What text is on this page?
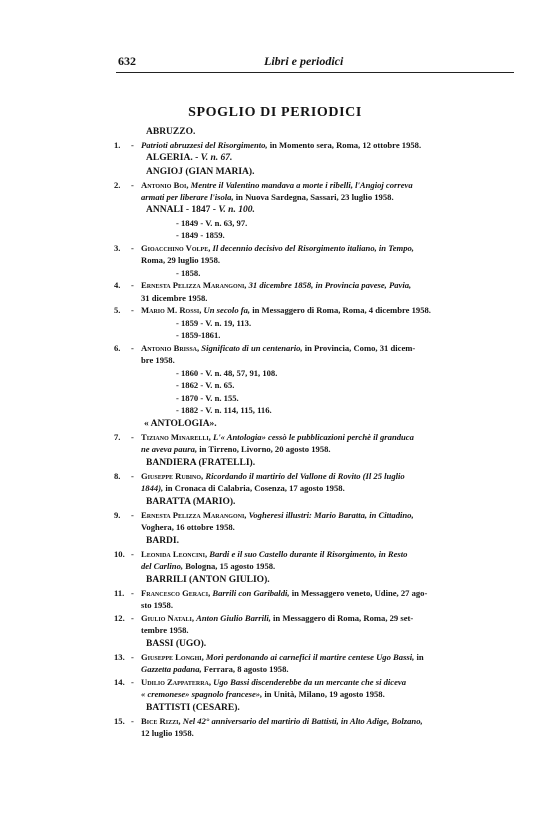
632	Libri e periodici
SPOGLIO DI PERIODICI
ABRUZZO.
1.	- Patrioti abruzzesi del Risorgimento, in Momento sera, Roma, 12 ottobre 1958.
ALGERIA. - V. n. 67.
ANGIOJ (GIAN MARIA).
2.	- Antonio Boi, Mentre il Valentino mandava a morte i ribelli, l'Angioj correva
armati per liberare l'isola, in Nuova Sardegna, Sassari, 23 luglio 1958.
ANNALI - 1847 - V. n. 100.
- 1849 - V. n. 63, 97.
- 1849 - 1859.
3.	- Gioacchino Volpe, Il decennio decisivo del Risorgimento italiano, in Tempo,
Roma, 29 luglio 1958.
- 1858.
4.	- Ernesta Pelizza Marangoni, 31 dicembre 1858, in Provincia pavese, Pavia,
31 dicembre 1958.
5.	- Mario M. Rossi, Un secolo fa, in Messaggero di Roma, Roma, 4 dicembre 1958.
- 1859 - V. n. 19, 113.
- 1859-1861.
6.	- Antonio Brissa, Significato di un centenario, in Provincia, Como, 31 dicem-
bre 1958.
- 1860 - V. n. 48, 57, 91, 108.
- 1862 - V. n. 65.
- 1870 - V. n. 155.
- 1882 - V. n. 114, 115, 116.
« ANTOLOGIA».
7.	- Tiziano Minarelli, L'« Antologia» cessò le pubblicazioni perchè il granduca
ne aveva paura, in Tirreno, Livorno, 20 agosto 1958.
BANDIERA (FRATELLI).
8.	- Giuseppe Rubino, Ricordando il martirio del Vallone di Rovito (Il 25 luglio
1844), in Cronaca di Calabria, Cosenza, 17 agosto 1958.
BARATTA (MARIO).
9.	- Ernesta Pelizza Marangoni, Vogheresi illustri: Mario Baratta, in Cittadino,
Voghera, 16 ottobre 1958.
BARDI.
10. - Leonida Leoncini, Bardi e il suo Castello durante il Risorgimento, in Resto
del Carlino, Bologna, 15 agosto 1958.
BARRILI (ANTON GIULIO).
11. - Francesco Geraci, Barrili con Garibaldi, in Messaggero veneto, Udine, 27 ago-
sto 1958.
12. - Giulio Natali, Anton Giulio Barrili, in Messaggero di Roma, Roma, 29 set-
tembre 1958.
BASSI (UGO).
13. - Giuseppe Longhi, Morì perdonando ai carnefici il martire centese Ugo Bassi, in
Gazzetta padana, Ferrara, 8 agosto 1958.
14. - Udilio Zappaterra, Ugo Bassi discenderebbe da un mercante che si diceva
« cremonese» spagnolo francese», in Unità, Milano, 19 agosto 1958.
BATTISTI (CESARE).
15. - Bice Rizzi, Nel 42° anniversario del martirio di Battisti, in Alto Adige, Bolzano,
12 luglio 1958.
